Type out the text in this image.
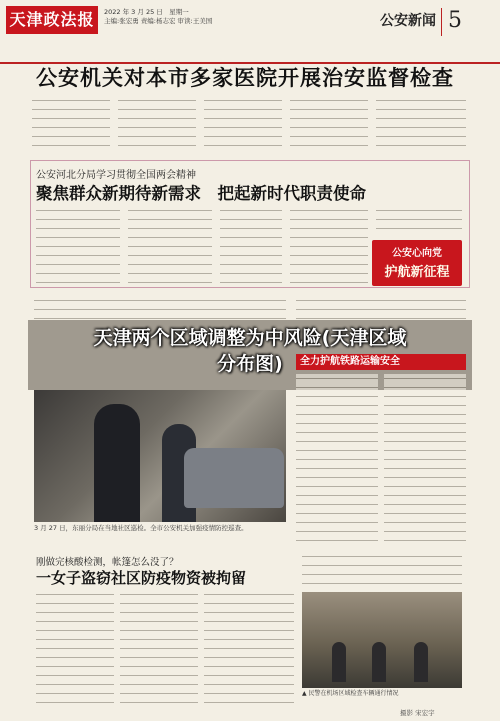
天津政法报	2022 年 3 月 25 日　星期一
主编:张宏勇 责编:杨志宏 审读:王美国	公安新闻 5
公安机关对本市多家医院开展治安监督检查
公安河北分局学习贯彻全国两会精神
聚焦群众新期待新需求　把起新时代职责使命
公安心向党
护航新征程
天津两个区域调整为中风险(天津区域
分布图)	全力护航铁路运输安全
3 月 27 日，东丽分局在当地社区巡检。全市公安机关加强疫情防控巡查。
刚做完核酸检测，帐篷怎么没了？
一女子盗窃社区防疫物资被拘留
▲ 民警在机场区域检查车辆通行情况
摄影 宋宏宇
